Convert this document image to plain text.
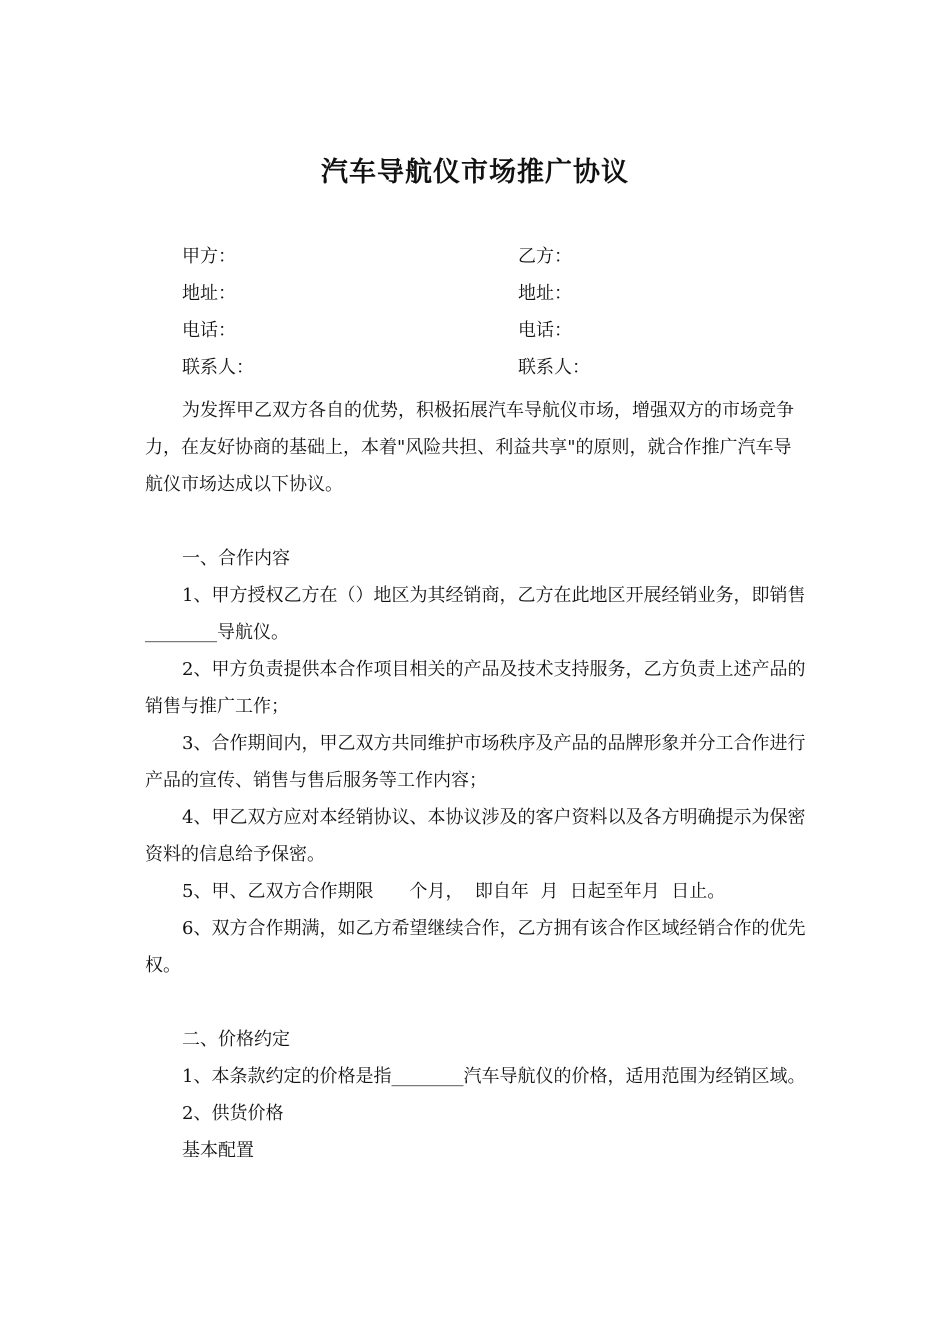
汽车导航仪市场推广协议
甲方：	乙方：
地址：	地址：
电话：	电话：
联系人：	联系人：

为发挥甲乙双方各自的优势，积极拓展汽车导航仪市场，增强双方的市场竞争力，在友好协商的基础上，本着"风险共担、利益共享"的原则，就合作推广汽车导航仪市场达成以下协议。

一、合作内容

1、甲方授权乙方在（）地区为其经销商，乙方在此地区开展经销业务，即销售________导航仪。

2、甲方负责提供本合作项目相关的产品及技术支持服务，乙方负责上述产品的销售与推广工作；

3、合作期间内，甲乙双方共同维护市场秩序及产品的品牌形象并分工合作进行产品的宣传、销售与售后服务等工作内容；

4、甲乙双方应对本经销协议、本协议涉及的客户资料以及各方明确提示为保密资料的信息给予保密。

5、甲、乙双方合作期限　　个月，  即自年  月  日起至年月  日止。

6、双方合作期满，如乙方希望继续合作，乙方拥有该合作区域经销合作的优先权。

二、价格约定

1、本条款约定的价格是指________汽车导航仪的价格，适用范围为经销区域。

2、供货价格

基本配置
